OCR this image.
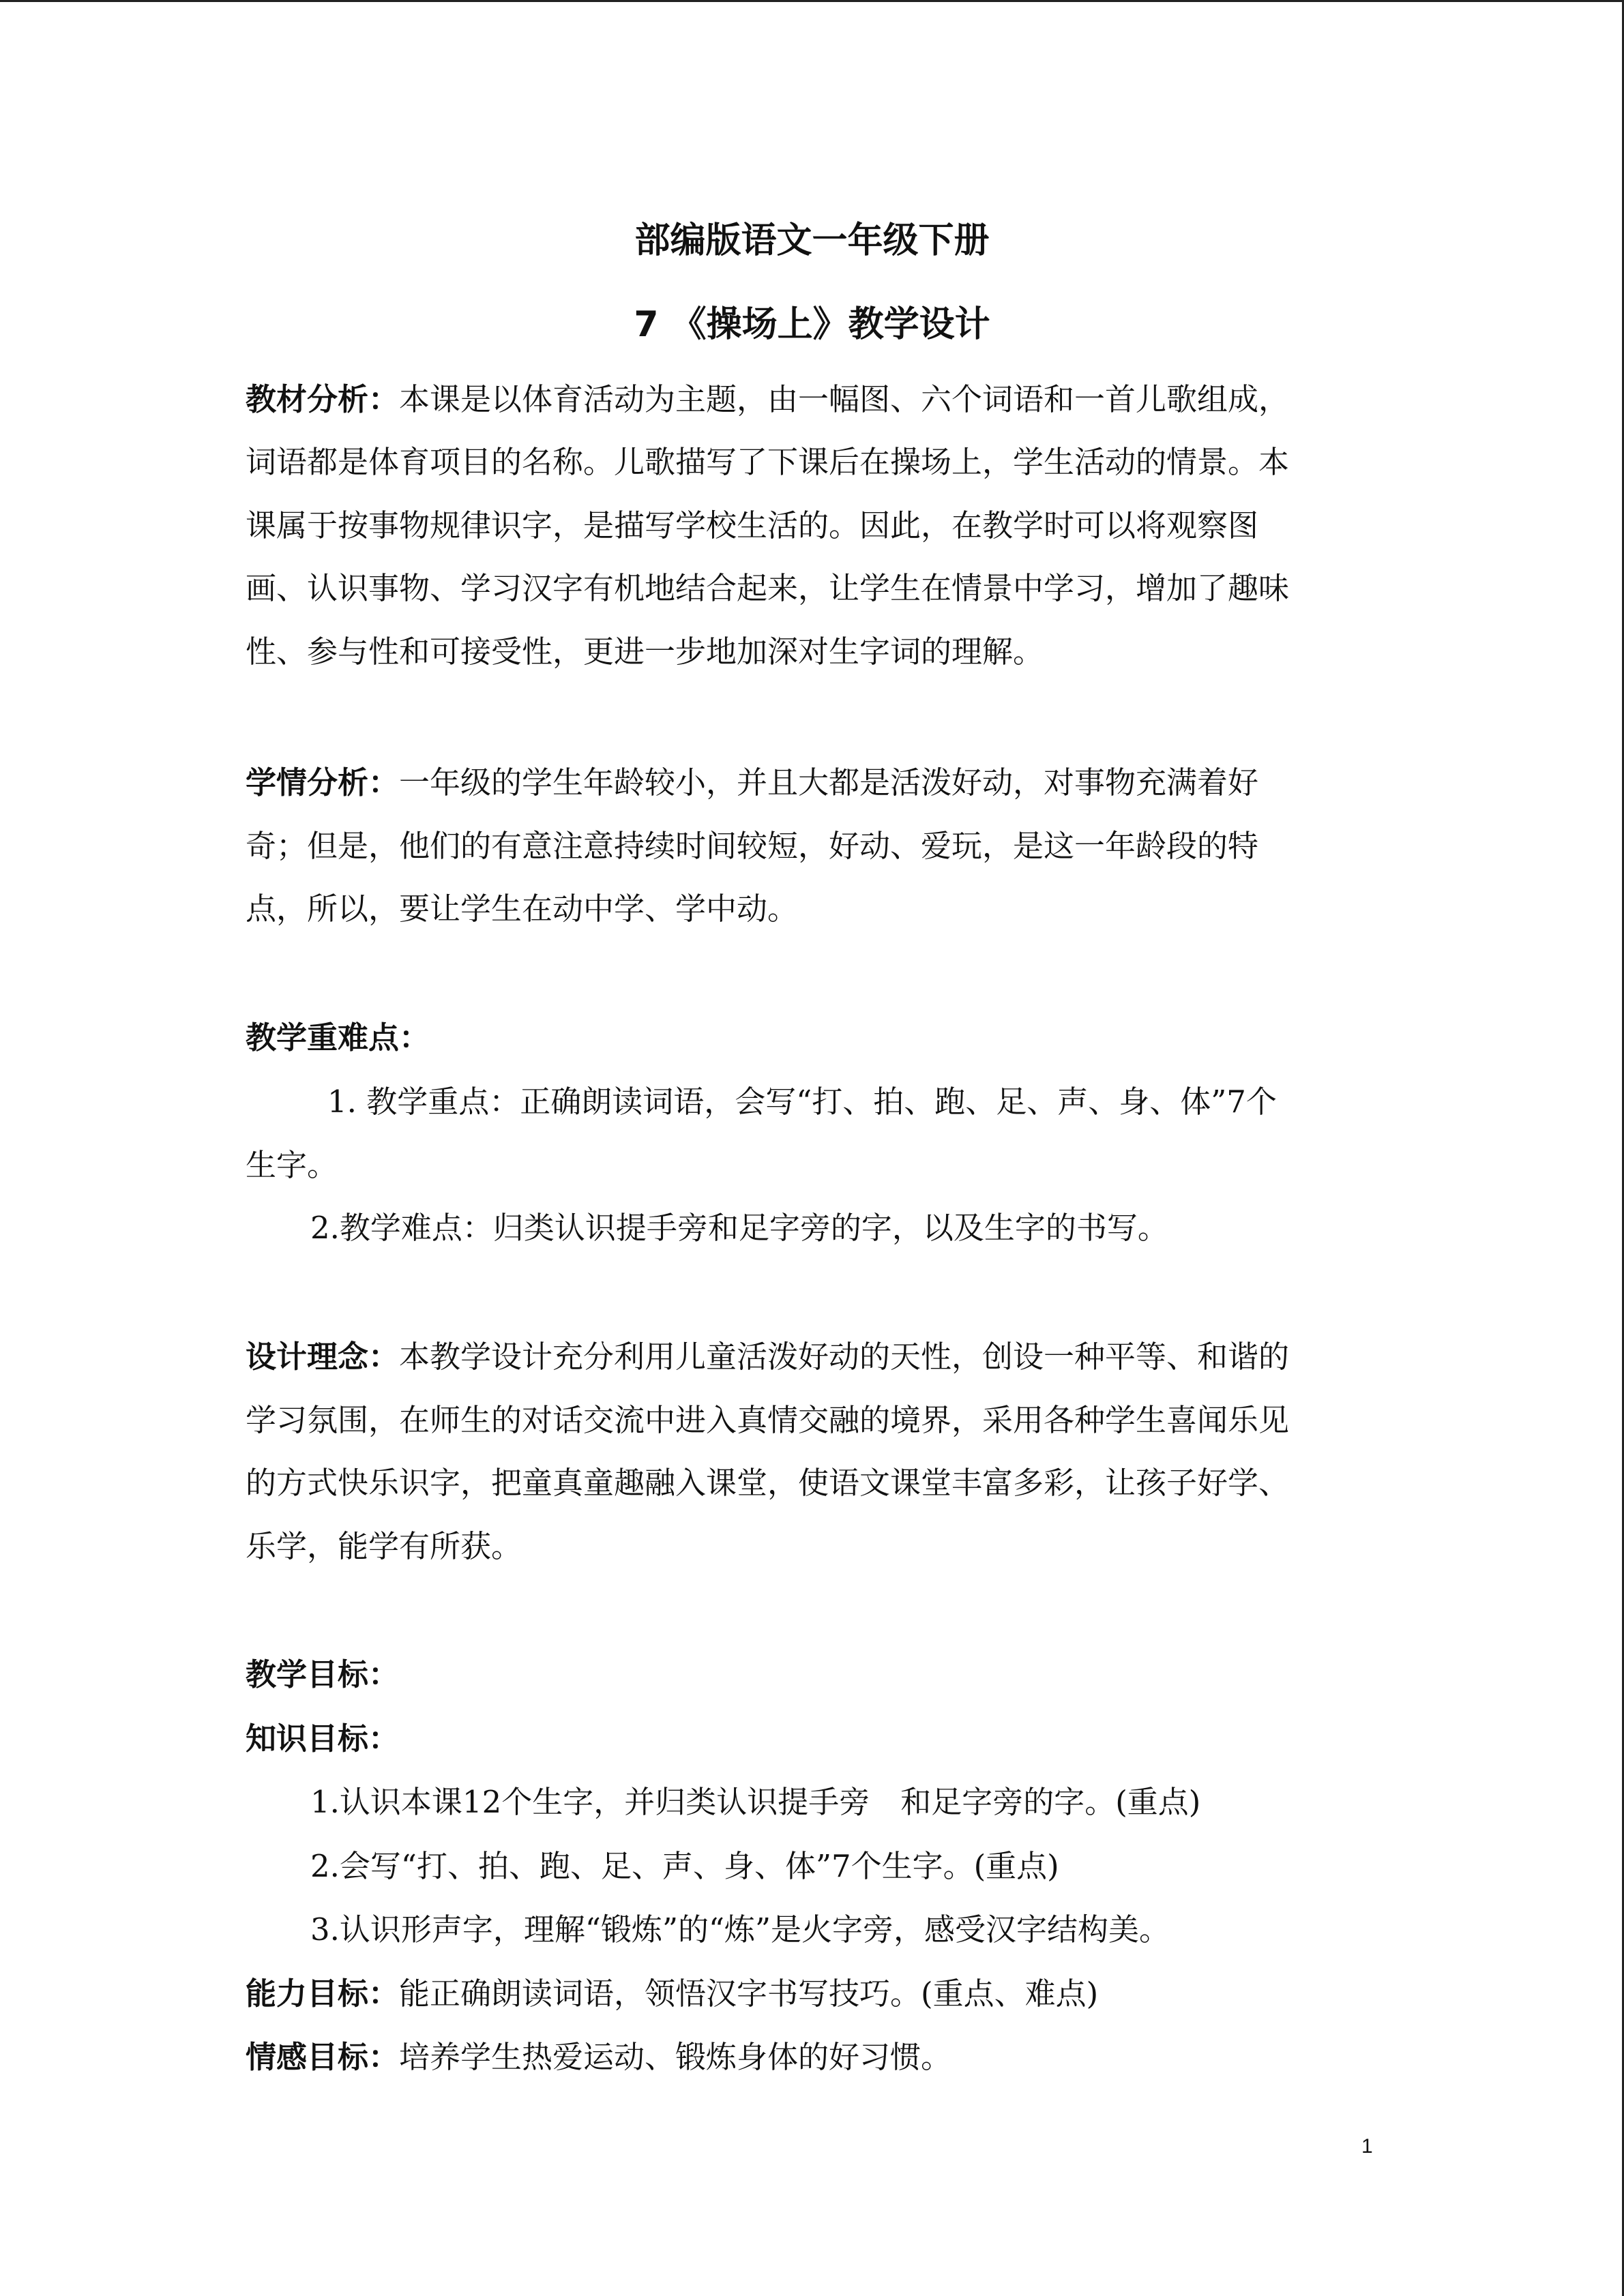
部编版语文一年级下册
7 《操场上》教学设计
教材分析：本课是以体育活动为主题，由一幅图、六个词语和一首儿歌组成，
词语都是体育项目的名称。儿歌描写了下课后在操场上，学生活动的情景。本
课属于按事物规律识字，是描写学校生活的。因此，在教学时可以将观察图
画、认识事物、学习汉字有机地结合起来，让学生在情景中学习，增加了趣味
性、参与性和可接受性，更进一步地加深对生字词的理解。
学情分析：一年级的学生年龄较小，并且大都是活泼好动，对事物充满着好
奇；但是，他们的有意注意持续时间较短，好动、爱玩，是这一年龄段的特
点，所以，要让学生在动中学、学中动。
教学重难点：
1. 教学重点：正确朗读词语，会写“打、拍、跑、足、声、身、体”7个
生字。
2.教学难点：归类认识提手旁和足字旁的字，以及生字的书写。
设计理念：本教学设计充分利用儿童活泼好动的天性，创设一种平等、和谐的
学习氛围，在师生的对话交流中进入真情交融的境界，采用各种学生喜闻乐见
的方式快乐识字，把童真童趣融入课堂，使语文课堂丰富多彩，让孩子好学、
乐学，能学有所获。
教学目标：
知识目标：
1.认识本课12个生字，并归类认识提手旁　和足字旁的字。(重点)
2.会写“打、拍、跑、足、声、身、体”7个生字。(重点)
3.认识形声字，理解“锻炼”的“炼”是火字旁，感受汉字结构美。
能力目标：能正确朗读词语，领悟汉字书写技巧。(重点、难点)
情感目标：培养学生热爱运动、锻炼身体的好习惯。
1
